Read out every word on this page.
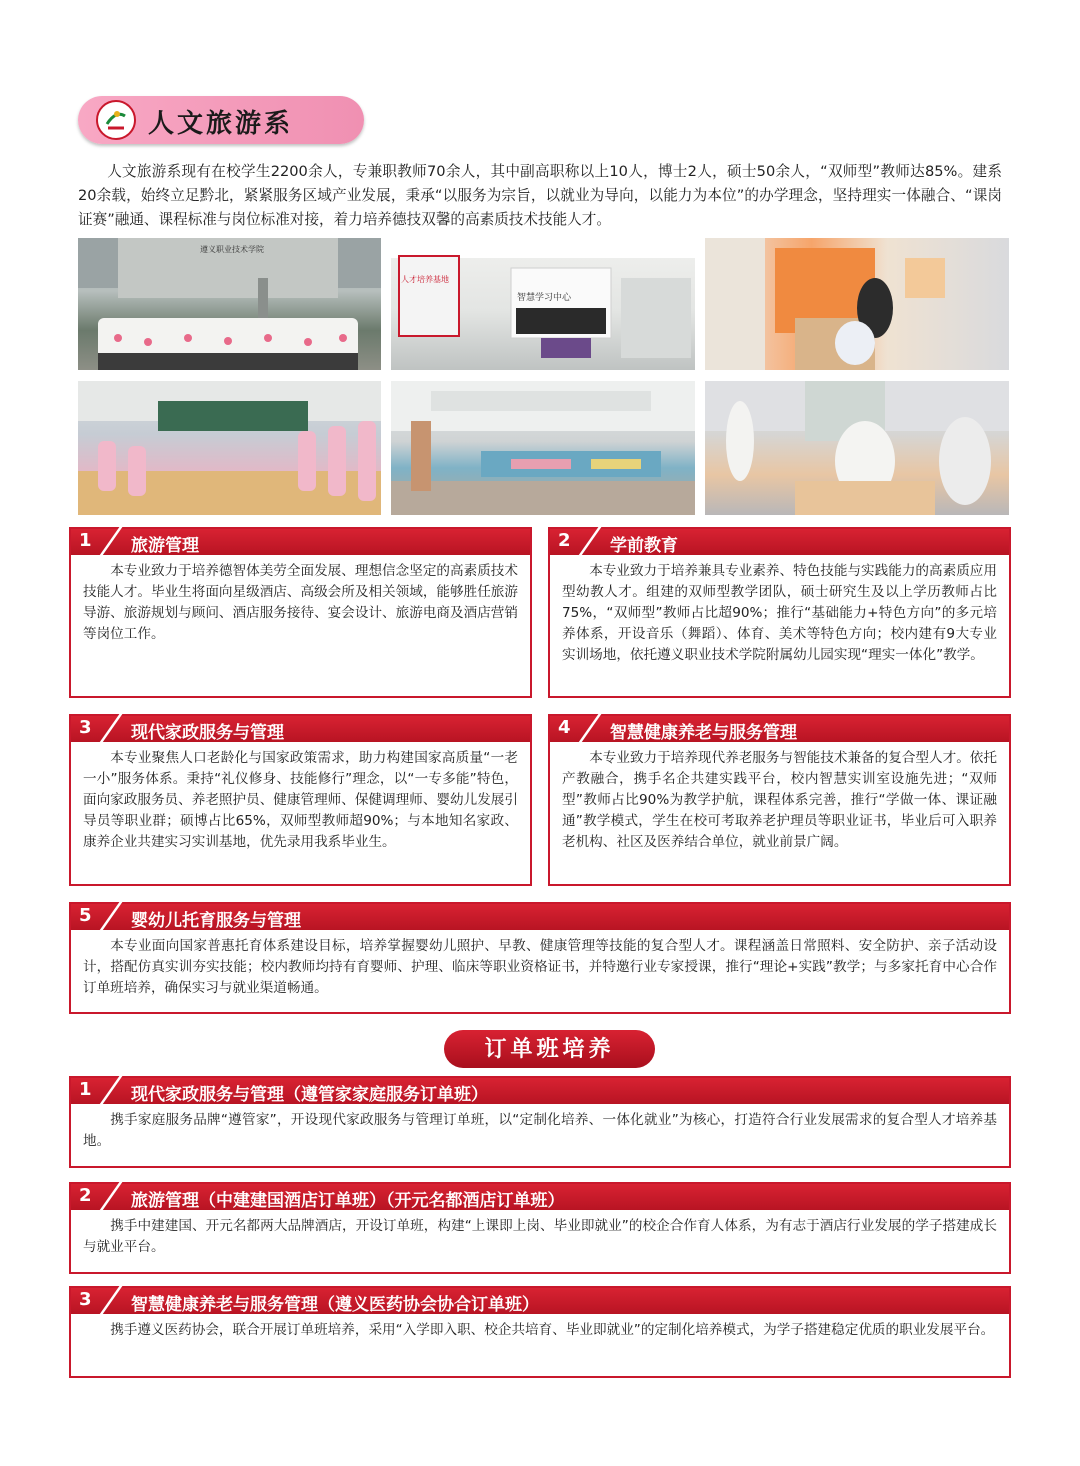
人文旅游系
人文旅游系现有在校学生2200余人，专兼职教师70余人，其中副高职称以上10人，博士2人，硕士50余人，“双师型”教师达85%。建系20余载，始终立足黔北，紧紧服务区域产业发展，秉承“以服务为宗旨，以就业为导向，以能力为本位”的办学理念，坚持理实一体融合、“课岗证赛”融通、课程标准与岗位标准对接，着力培养德技双馨的高素质技术技能人才。
智慧学习中心
人才培养基地
1 旅游管理
本专业致力于培养德智体美劳全面发展、理想信念坚定的高素质技术技能人才。毕业生将面向星级酒店、高级会所及相关领域，能够胜任旅游导游、旅游规划与顾问、酒店服务接待、宴会设计、旅游电商及酒店营销等岗位工作。
2 学前教育
本专业致力于培养兼具专业素养、特色技能与实践能力的高素质应用型幼教人才。组建的双师型教学团队，硕士研究生及以上学历教师占比75%，“双师型”教师占比超90%；推行“基础能力+特色方向”的多元培养体系，开设音乐（舞蹈）、体育、美术等特色方向；校内建有9大专业实训场地，依托遵义职业技术学院附属幼儿园实现“理实一体化”教学。
3 现代家政服务与管理
本专业聚焦人口老龄化与国家政策需求，助力构建国家高质量“一老一小”服务体系。秉持“礼仪修身、技能修行”理念，以“一专多能”特色，面向家政服务员、养老照护员、健康管理师、保健调理师、婴幼儿发展引导员等职业群；硕博占比65%，双师型教师超90%；与本地知名家政、康养企业共建实习实训基地，优先录用我系毕业生。
4 智慧健康养老与服务管理
本专业致力于培养现代养老服务与智能技术兼备的复合型人才。依托产教融合，携手名企共建实践平台，校内智慧实训室设施先进；“双师型”教师占比90%为教学护航，课程体系完善，推行“学做一体、课证融通”教学模式，学生在校可考取养老护理员等职业证书，毕业后可入职养老机构、社区及医养结合单位，就业前景广阔。
5 婴幼儿托育服务与管理
本专业面向国家普惠托育体系建设目标，培养掌握婴幼儿照护、早教、健康管理等技能的复合型人才。课程涵盖日常照料、安全防护、亲子活动设计，搭配仿真实训夯实技能；校内教师均持有育婴师、护理、临床等职业资格证书，并特邀行业专家授课，推行“理论+实践”教学；与多家托育中心合作订单班培养，确保实习与就业渠道畅通。
订单班培养
1 现代家政服务与管理（遵管家家庭服务订单班）
携手家庭服务品牌“遵管家”，开设现代家政服务与管理订单班，以“定制化培养、一体化就业”为核心，打造符合行业发展需求的复合型人才培养基地。
2 旅游管理（中建建国酒店订单班）（开元名都酒店订单班）
携手中建建国、开元名都两大品牌酒店，开设订单班，构建“上课即上岗、毕业即就业”的校企合作育人体系，为有志于酒店行业发展的学子搭建成长与就业平台。
3 智慧健康养老与服务管理（遵义医药协会协合订单班）
携手遵义医药协会，联合开展订单班培养，采用“入学即入职、校企共培育、毕业即就业”的定制化培养模式，为学子搭建稳定优质的职业发展平台。
遵义职业技术学院
